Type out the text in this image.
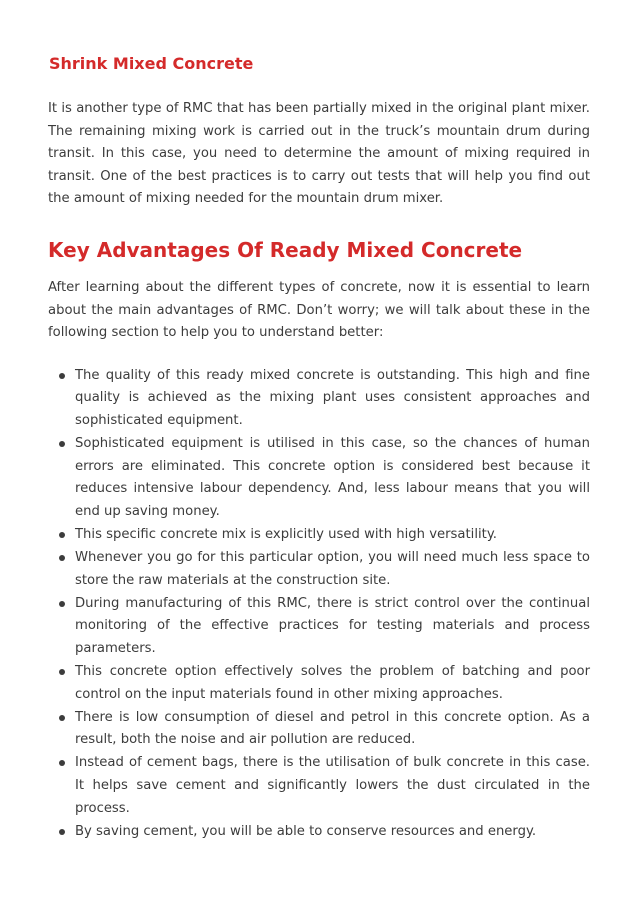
Shrink Mixed Concrete

It is another type of RMC that has been partially mixed in the original plant mixer. The remaining mixing work is carried out in the truck’s mountain drum during transit. In this case, you need to determine the amount of mixing required in transit. One of the best practices is to carry out tests that will help you find out the amount of mixing needed for the mountain drum mixer.

Key Advantages Of Ready Mixed Concrete

After learning about the different types of concrete, now it is essential to learn about the main advantages of RMC. Don’t worry; we will talk about these in the following section to help you to understand better:

The quality of this ready mixed concrete is outstanding. This high and fine quality is achieved as the mixing plant uses consistent approaches and sophisticated equipment.
Sophisticated equipment is utilised in this case, so the chances of human errors are eliminated. This concrete option is considered best because it reduces intensive labour dependency. And, less labour means that you will end up saving money.
This specific concrete mix is explicitly used with high versatility.
Whenever you go for this particular option, you will need much less space to store the raw materials at the construction site.
During manufacturing of this RMC, there is strict control over the continual monitoring of the effective practices for testing materials and process parameters.
This concrete option effectively solves the problem of batching and poor control on the input materials found in other mixing approaches.
There is low consumption of diesel and petrol in this concrete option. As a result, both the noise and air pollution are reduced.
Instead of cement bags, there is the utilisation of bulk concrete in this case. It helps save cement and significantly lowers the dust circulated in the process.
By saving cement, you will be able to conserve resources and energy.
